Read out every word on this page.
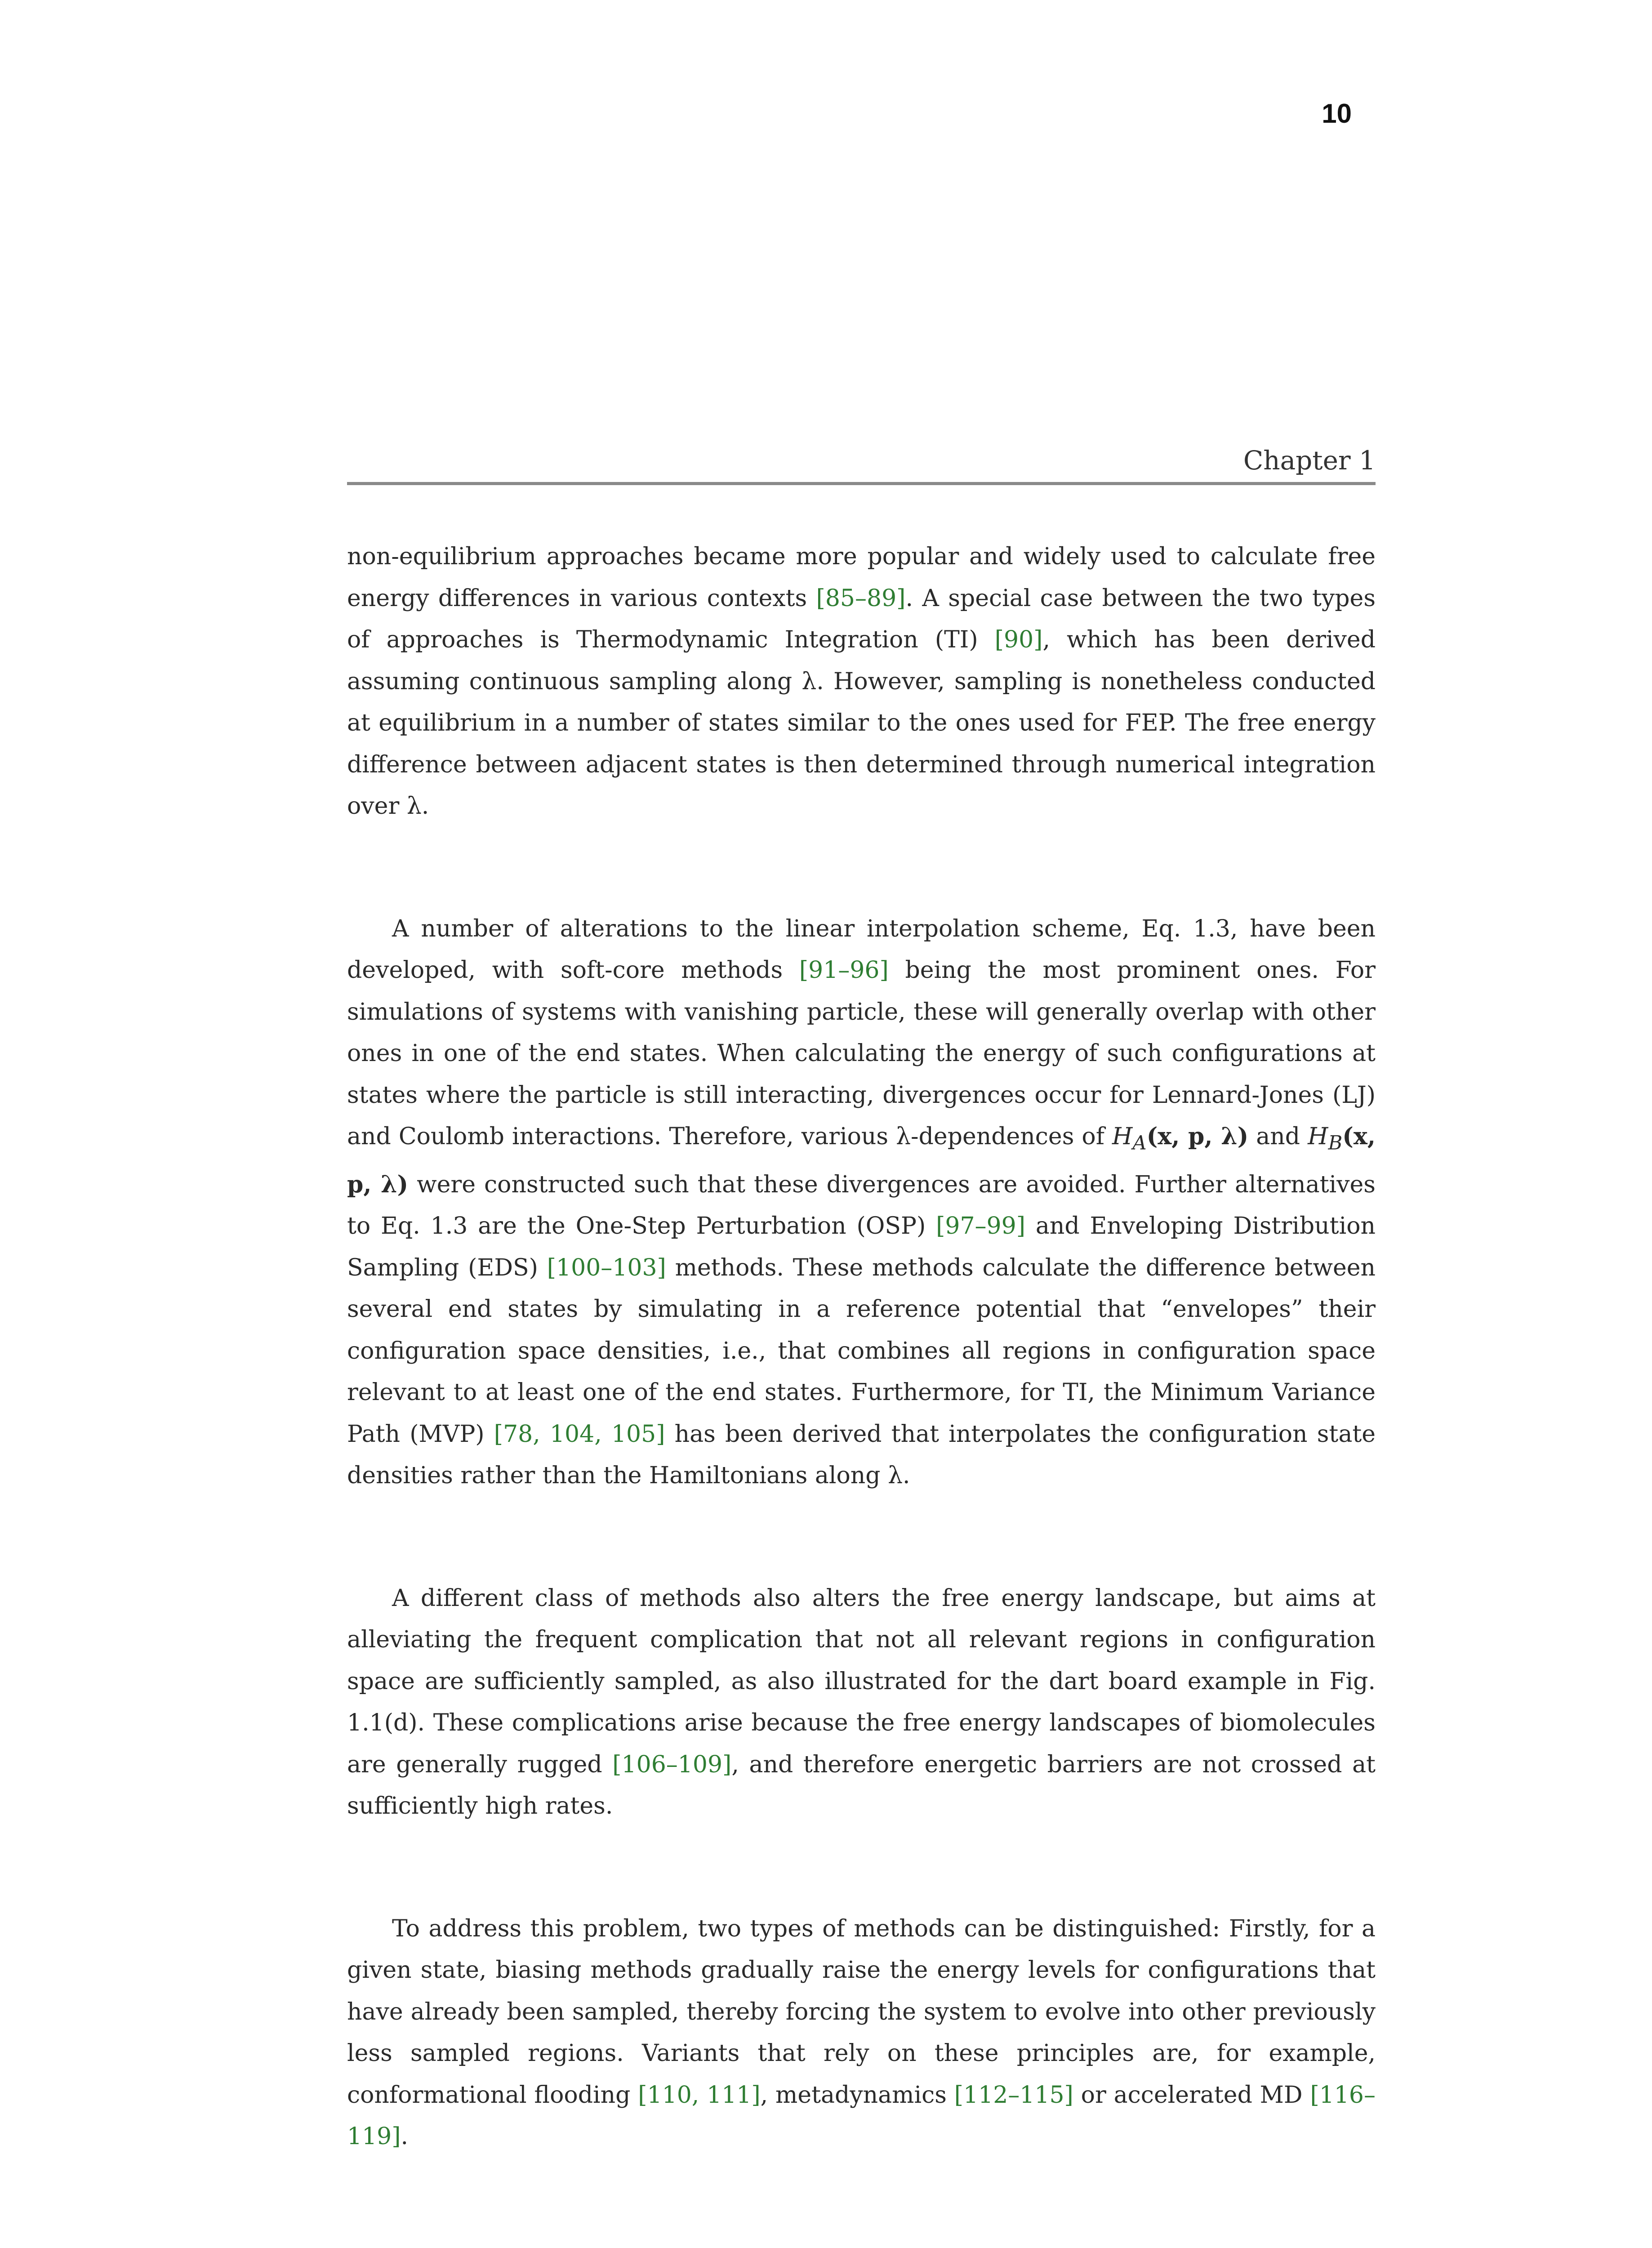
10
Chapter 1

non-equilibrium approaches became more popular and widely used to calculate free energy differences in various contexts [85–89]. A special case between the two types of approaches is Thermodynamic Integration (TI) [90], which has been derived assuming continuous sampling along λ. However, sampling is nonetheless conducted at equilibrium in a number of states similar to the ones used for FEP. The free energy difference between adjacent states is then determined through numerical integration over λ.

A number of alterations to the linear interpolation scheme, Eq. 1.3, have been developed, with soft-core methods [91–96] being the most prominent ones. For simulations of systems with vanishing particle, these will generally overlap with other ones in one of the end states. When calculating the energy of such configurations at states where the particle is still interacting, divergences occur for Lennard-Jones (LJ) and Coulomb interactions. Therefore, various λ-dependences of $H_A(x$, p, λ) and $H_B(x$, p, λ) were constructed such that these divergences are avoided. Further alternatives to Eq. 1.3 are the One-Step Perturbation (OSP) [97–99] and Enveloping Distribution Sampling (EDS) [100–103] methods. These methods calculate the difference between several end states by simulating in a reference potential that “envelopes” their configuration space densities, i.e., that combines all regions in configuration space relevant to at least one of the end states. Furthermore, for TI, the Minimum Variance Path (MVP) [78, 104, 105] has been derived that interpolates the configuration state densities rather than the Hamiltonians along λ.

A different class of methods also alters the free energy landscape, but aims at alleviating the frequent complication that not all relevant regions in configuration space are sufficiently sampled, as also illustrated for the dart board example in Fig. 1.1(d). These complications arise because the free energy landscapes of biomolecules are generally rugged [106–109], and therefore energetic barriers are not crossed at sufficiently high rates.

To address this problem, two types of methods can be distinguished: Firstly, for a given state, biasing methods gradually raise the energy levels for configurations that have already been sampled, thereby forcing the system to evolve into other previously less sampled regions. Variants that rely on these principles are, for example, conformational flooding [110, 111], metadynamics [112–115] or accelerated MD [116–119].
